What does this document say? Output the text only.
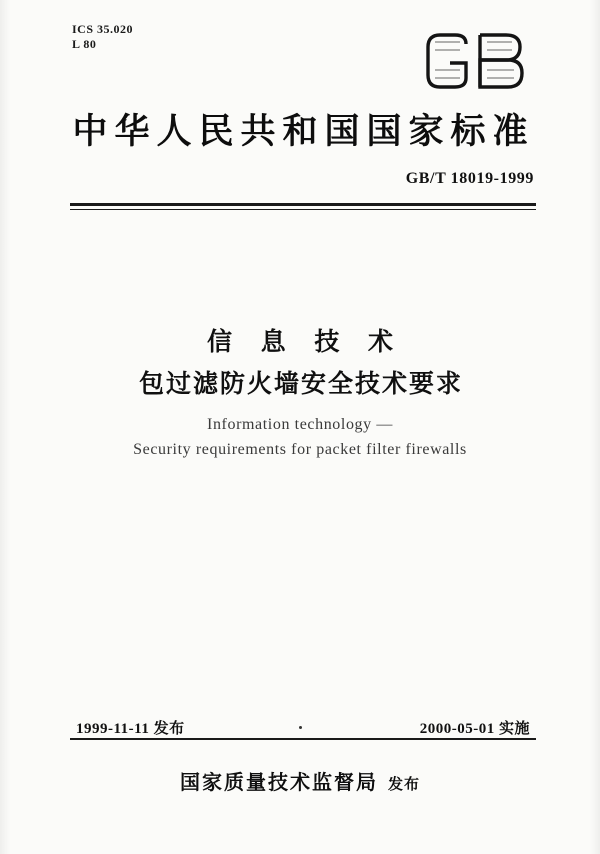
ICS 35.020
L 80
中华人民共和国国家标准
GB/T 18019-1999
信 息 技 术
包过滤防火墙安全技术要求
Information technology —
Security requirements for packet filter firewalls
1999-11-11 发布	2000-05-01 实施
国家质量技术监督局 发布
